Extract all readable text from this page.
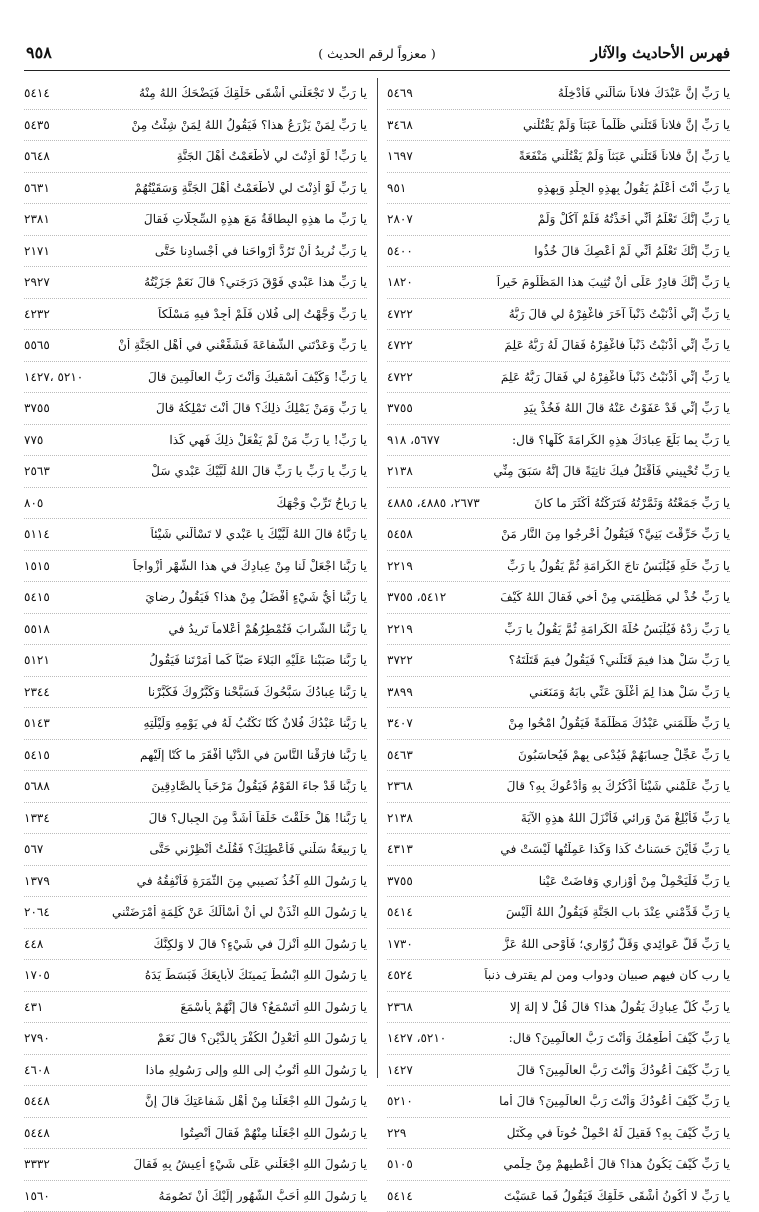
فهرس الأحاديث والآثار
( معزواً لرقم الحديث )
٩٥٨
يا رَبِّ إنَّ عَبْدَكَ فلاناً سَأَلَني فَأَدْخِلْهُ
٥٤٦٩
يا رَبِّ إنَّ فلاناً قَتَلَني ظُلْماً عَبَثاً وَلَمْ يَقْتُلْني
٣٤٦٨
يا رَبِّ إنَّ فلاناً قَتَلَني عَبَثاً وَلَمْ يَقْتُلْني مَنْفَعَةً
١٦٩٧
يا رَبِّ أَنْتَ أَعْلَمُ يَقُولُ بِهذِهِ الجِلْدِ وَبِهذِهِ
٩٥١
يا رَبِّ إنَّكَ تَعْلَمُ أنِّي أَخَذْتُهُ فَلَمْ آكُلْ وَلَمْ
٢٨٠٧
يا رَبِّ إنَّكَ تَعْلَمُ أنِّي لَمْ أَعْصِكَ قالَ خُذُوا
٥٤٠٠
يا رَبِّ إنَّكَ قادِرٌ عَلَى أَنْ تُثِيبَ هذا المَظْلُومَ خَيراً
١٨٢٠
يا رَبِّ إنِّي أَذْنَبْتُ ذَنْباً آخَرَ فاغْفِرْهُ لي قالَ رَبُّهُ
٤٧٢٢
يا رَبِّ إنِّي أَذْنَبْتُ ذَنْباً فاغْفِرْهُ فَقالَ لَهُ رَبُّهُ عَلِمَ
٤٧٢٢
يا رَبِّ إنِّي أَذْنَبْتُ ذَنْباً فاغْفِرْهُ لي فَقالَ رَبُّهُ عَلِمَ
٤٧٢٢
يا رَبِّ إنِّي قَدْ عَفَوْتُ عَنْهُ قالَ اللهُ فَخُذْ بِيَدِ
٣٧٥٥
يا رَبِّ بِما بَلَغَ عِبادَكَ هذِهِ الكَرامَةَ كُلَّها؟ قال:
٥٦٧٧، ٩١٨
يا رَبِّ تُحْيِيني فَأُقْتَلُ فيكَ ثانِيَةً قالَ إنَّهُ سَبَقَ مِنِّي
٢١٣٨
يا رَبِّ جَمَعْتُهُ وَثَمَّرْتُهُ فَتَرَكْتُهُ أَكْثَرَ ما كانَ
٢٦٧٣، ٤٨٨٥، ٤٨٨٥
يا رَبِّ حَرِّقْتَ بَنِيَّ؟ فَيَقُولُ أَخْرِجُوا مِنَ النَّارِ مَنْ
٥٤٥٨
يا رَبِّ حَلِّهِ فَيُلْبَسُ تاجَ الكَرامَةِ ثُمَّ يَقُولُ يا رَبِّ
٢٢١٩
يا رَبِّ خُذْ لي مَظْلِمَتي مِنْ أَخي فَقالَ اللهُ كَيْفَ
٥٤١٢، ٣٧٥٥
يا رَبِّ زِدْهُ فَيُلْبَسُ حُلَّةَ الكَرامَةِ ثُمَّ يَقُولُ يا رَبِّ
٢٢١٩
يا رَبِّ سَلْ هذا فيمَ قَتَلَني؟ فَيَقُولُ فيمَ قَتَلْتَهُ؟
٣٧٢٢
يا رَبِّ سَلْ هذا لِمَ أَغْلَقَ عَنِّي بابَهُ وَمَنَعَني
٣٨٩٩
يا رَبِّ ظَلَمَني عَبْدُكَ مَظْلَمَةً فَيَقُولُ امْحُوا مِنْ
٣٤٠٧
يا رَبِّ عَجِّلْ حِسابَهُمْ فَيُدْعى بِهِمْ فَيُحاسَبُونَ
٥٤٦٣
يا رَبِّ عَلِّمْني شَيْئاً أَذْكُرُكَ بِهِ وَأَدْعُوكَ بِهِ؟ قالَ
٢٣٦٨
يا رَبِّ فَأَبْلِغْ مَنْ وَرائي فَأَنْزَلَ اللهُ هذِهِ الآيَةَ
٢١٣٨
يا رَبِّ فَأَيْنَ حَسَناتُ كَذا وَكَذا عَمِلْتُها لَيْسَتْ في
٤٣١٣
يا رَبِّ فَلْيَحْمِلْ مِنْ أَوْزاري وَفاضَتْ عَيْنا
٣٧٥٥
يا رَبِّ قَدِّمْني عِنْدَ بابِ الجَنَّةِ فَيَقُولُ اللهُ أَلَيْسَ
٥٤١٤
يا رَبِّ قَلَّ عَوائِدي وَقَلَّ زُوّاري؛ فَأَوْحى اللهُ عَزَّ
١٧٣٠
يا رب كان فيهم صبيان ودواب ومن لم يقترف ذنباً
٤٥٢٤
يا رَبِّ كُلُّ عِبادِكَ يَقُولُ هذا؟ قالَ قُلْ لا إلهَ إلا
٢٣٦٨
يا رَبِّ كَيْفَ أُطْعِمُكَ وَأَنْتَ رَبُّ العالَمِينَ؟ قال:
٥٢١٠، ١٤٢٧
يا رَبِّ كَيْفَ أَعُودُكَ وَأَنْتَ رَبُّ العالَمِينَ؟ قالَ
١٤٢٧
يا رَبِّ كَيْفَ أَعُودُكَ وَأَنْتَ رَبُّ العالَمِينَ؟ قالَ أَما
٥٢١٠
يا رَبِّ كَيْفَ بِهِ؟ فَقيلَ لَهُ احْمِلْ حُوتاً في مِكْتَلٍ
٢٢٩
يا رَبِّ كَيْفَ يَكُونُ هذا؟ قالَ أُعْطيهِمْ مِنْ حِلْمي
٥١٠٥
يا رَبِّ لا أَكُونُ أَشْقَى خَلْقِكَ فَيَقُولُ فَما عَسَيْتَ
٥٤١٤
يا رَبِّ لا تَجْعَلْني أَشْقَى خَلْقِكَ فَيَضْحَكُ اللهُ مِنْهُ
٥٤١٤
يا رَبِّ لِمَنْ يَزْرَعُ هذا؟ فَيَقُولُ اللهُ لِمَنْ شِئْتُ مِنْ
٥٤٣٥
يا رَبِّ! لَوْ أَذِنْتَ لي لأَطْعَمْتُ أَهْلَ الجَنَّةِ
٥٦٤٨
يا رَبِّ لَوْ أَذِنْتَ لي لأَطْعَمْتُ أَهْلَ الجَنَّةِ وَسَقَيْتُهُمْ
٥٦٣١
يا رَبِّ ما هذِهِ البِطاقَةُ مَعَ هذِهِ السِّجِلّاتِ فَقالَ
٢٣٨١
يا رَبِّ نُرِيدُ أَنْ تَرُدَّ أَرْواحَنا في أَجْسادِنا حَتَّى
٢١٧١
يا رَبِّ هذا عَبْدي فَوْقَ دَرَجَتي؟ قالَ نَعَمْ جَزَيْتُهُ
٢٩٢٧
يا رَبِّ وَجَّهْتُ إلى فُلانٍ فَلَمْ أَجِدْ فيهِ مَسْلَكاً
٤٢٣٢
يا رَبِّ وَعَدْتَني الشَّفاعَةَ فَشَفِّعْني في أَهْلِ الجَنَّةِ أَنْ
٥٥٦٥
يا رَبِّ! وَكَيْفَ أَسْقيكَ وَأَنْتَ رَبُّ العالَمِينَ قالَ
٥٢١٠ ،١٤٢٧
يا رَبِّ وَمَنْ يَمْلِكُ ذلِكَ؟ قالَ أَنْتَ تَمْلِكُهُ قالَ
٣٧٥٥
يا رَبِّ! يا رَبِّ مَنْ لَمْ يَفْعَلْ ذلِكَ فَهي كَذا
٧٧٥
يا رَبِّ يا رَبِّ يا رَبِّ قالَ اللهُ لَبَّيْكَ عَبْدي سَلْ
٢٥٦٣
يا رَباحُ تَرِّبْ وَجْهَكَ
٨٠٥
يا رَبَّاهُ قالَ اللهُ لَبَّيْكَ يا عَبْدي لا تَسْأَلْني شَيْئاً
٥١١٤
يا رَبَّنا اجْعَلْ لَنا مِنْ عِبادِكَ في هذا الشَّهْرِ أَزْواجاً
١٥١٥
يا رَبَّنا أَيُّ شَيْءٍ أَفْضَلُ مِنْ هذا؟ فَيَقُولُ رِضايَ
٥٤١٥
يا رَبَّنا الشَّرابَ فَتُمْطِرُهُمْ أَعْلاماً تَرِيدُ في
٥٥١٨
يا رَبَّنا صَبَبْنا عَلَيْهِ البَلاءَ صَبّاً كَما أَمَرْتَنا فَيَقُولُ
٥١٢١
يا رَبَّنا عِبادُكَ سَبَّحُوكَ فَسَبَّحْنا وَكَبَّرُوكَ فَكَبَّرْنا
٢٣٤٤
يا رَبَّنا عَبْدُكَ فُلانٌ كُنّا نَكْتُبُ لَهُ في يَوْمِهِ وَلَيْلَتِهِ
٥١٤٣
يا رَبَّنا فارَقْنا النَّاسَ في الدُّنْيا أَفْقَرَ ما كُنّا إلَيْهِم
٥٤١٥
يا رَبَّنا قَدْ جاءَ القَوْمُ فَيَقُولُ مَرْحَباً بِالصَّادِقِينَ
٥٦٨٨
يا رَبَّنا! هَلْ خَلَقْتَ خَلْقاً أَشَدَّ مِنَ الجِبالِ؟ قالَ
١٣٣٤
يا رَبيعَةُ سَلْني فَأُعْطِيَكَ؟ فَقُلْتُ أَنْظِرْني حَتَّى
٥٦٧
يا رَسُولَ اللهِ آخُذُ نَصيبي مِنَ الثَّمَرَةِ فَأُنْفِقُهُ في
١٣٧٩
يا رَسُولَ اللهِ ائْذَنْ لي أَنْ أَسْأَلَكَ عَنْ كَلِمَةٍ أَمْرَضَتْني
٢٠٦٤
يا رَسُولَ اللهِ أُنْزِلَ في شَيْءٍ؟ قالَ لا وَلكِنَّكَ
٤٤٨
يا رَسُولَ اللهِ ابْسُطْ يَمينَكَ لأُبايِعَكَ فَبَسَطَ يَدَهُ
١٧٠٥
يا رَسُولَ اللهِ أَتَسْمَعُ؟ قالَ إنَّهُمْ بِأَسْمَعَ
٤٣١
يا رَسُولَ اللهِ أَتَعْدِلُ الكُفْرَ بِالدَّيْنِ؟ قالَ نَعَمْ
٢٧٩٠
يا رَسُولَ اللهِ أَتُوبُ إلى اللهِ وإلى رَسُولِهِ ماذا
٤٦٠٨
يا رَسُولَ اللهِ اجْعَلْنا مِنْ أَهْلِ شَفاعَتِكَ قالَ إنَّ
٥٤٤٨
يا رَسُولَ اللهِ اجْعَلْنا مِنْهُمْ فَقالَ أَنْصِتُوا
٥٤٤٨
يا رَسُولَ اللهِ اجْعَلْني عَلَى شَيْءٍ أَعِيشُ بِهِ فَقالَ
٣٣٣٢
يا رَسُولَ اللهِ أَحَبُّ الشُّهُورِ إلَيْكَ أَنْ تَصُومَهُ
١٥٦٠
